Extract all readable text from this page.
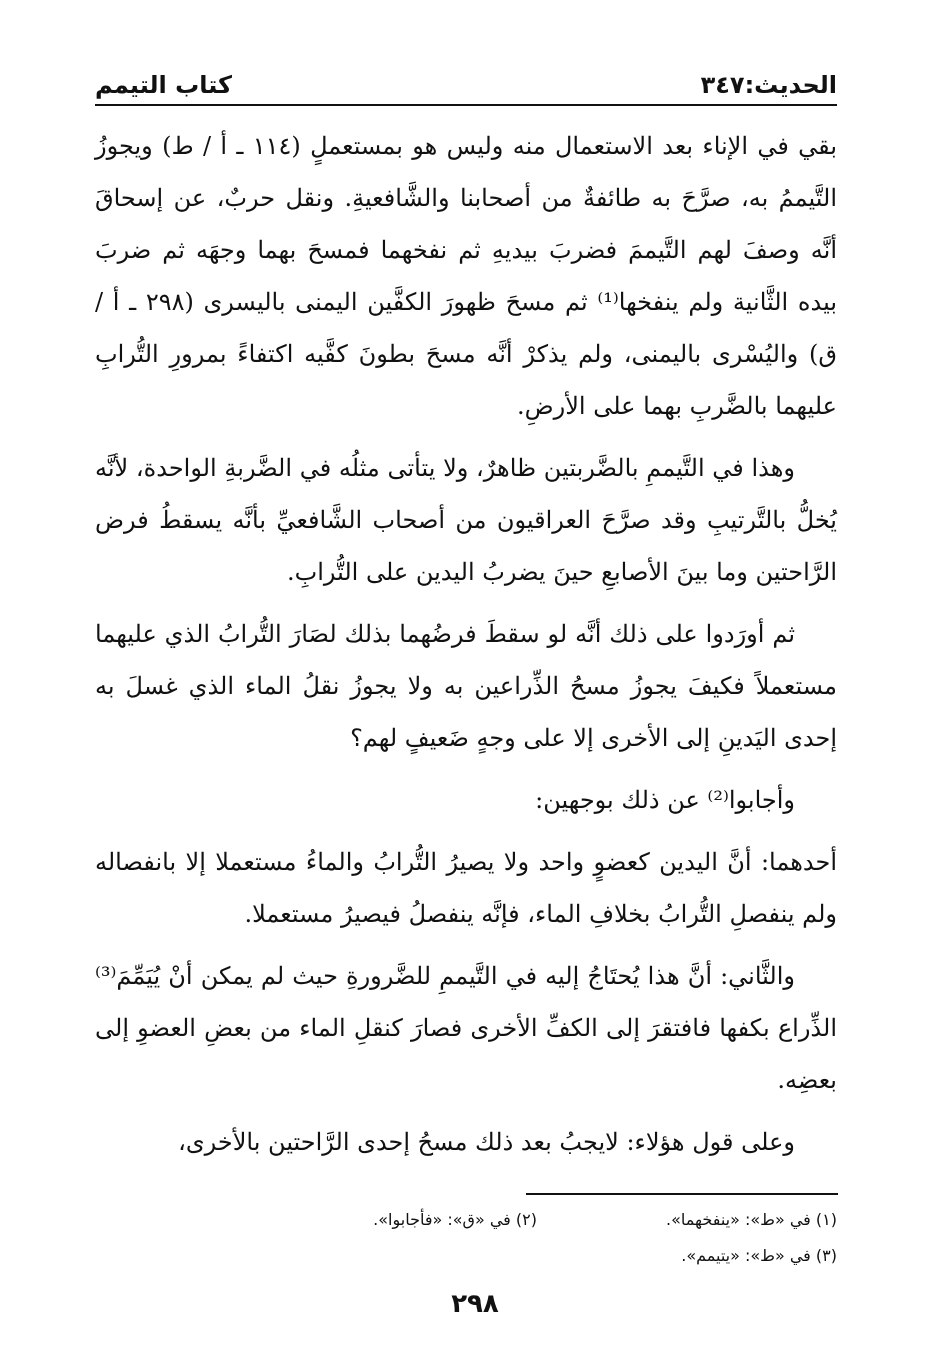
الحديث:٣٤٧
كتاب التيمم

بقي في الإناء بعد الاستعمال منه وليس هو بمستعملٍ (١١٤ ـ أ / ط) ويجوزُ التَّيممُ به، صرَّحَ به طائفةٌ من أصحابنا والشَّافعيةِ. ونقل حربٌ، عن إسحاقَ أنَّه وصفَ لهم التَّيممَ فضربَ بيديهِ ثم نفخهما فمسحَ بهما وجهَه ثم ضربَ بيده الثَّانية ولم ينفخها⁽¹⁾ ثم مسحَ ظهورَ الكفَّين اليمنى باليسرى (٢٩٨ ـ أ /ق) واليُسْرى باليمنى، ولم يذكرْ أنَّه مسحَ بطونَ كفَّيه اكتفاءً بمرورِ التُّرابِ عليهما بالضَّربِ بهما على الأرضِ.

وهذا في التَّيممِ بالضَّربتين ظاهرٌ، ولا يتأتى مثلُه في الضَّربةِ الواحدة، لأنَّه يُخلُّ بالتَّرتيبِ وقد صرَّحَ العراقيون من أصحاب الشَّافعيِّ بأنَّه يسقطُ فرض الرَّاحتين وما بينَ الأصابعِ حينَ يضربُ اليدين على التُّرابِ.

ثم أورَدوا على ذلك أنَّه لو سقطَ فرضُهما بذلك لصَارَ التُّرابُ الذي عليهما مستعملاً فكيفَ يجوزُ مسحُ الذِّراعين به ولا يجوزُ نقلُ الماء الذي غسلَ به إحدى اليَدينِ إلى الأخرى إلا على وجهٍ ضَعيفٍ لهم؟

وأجابوا⁽²⁾ عن ذلك بوجهين:

أحدهما: أنَّ اليدين كعضوٍ واحد ولا يصيرُ التُّرابُ والماءُ مستعملا إلا بانفصاله ولم ينفصلِ التُّرابُ بخلافِ الماء، فإنَّه ينفصلُ فيصيرُ مستعملا.

والثَّاني: أنَّ هذا يُحتَاجُ إليه في التَّيممِ للضَّرورةِ حيث لم يمكن أنْ يُيَمِّمَ⁽³⁾ الذِّراع بكفها فافتقرَ إلى الكفِّ الأخرى فصارَ كنقلِ الماء من بعضِ العضوِ إلى بعضِه.

وعلى قول هؤلاء: لايجبُ بعد ذلك مسحُ إحدى الرَّاحتين بالأخرى،

(١) في «ط»: «ينفخهما».
(٢) في «ق»: «فأجابوا».
(٣) في «ط»: «يتيمم».
٢٩٨
